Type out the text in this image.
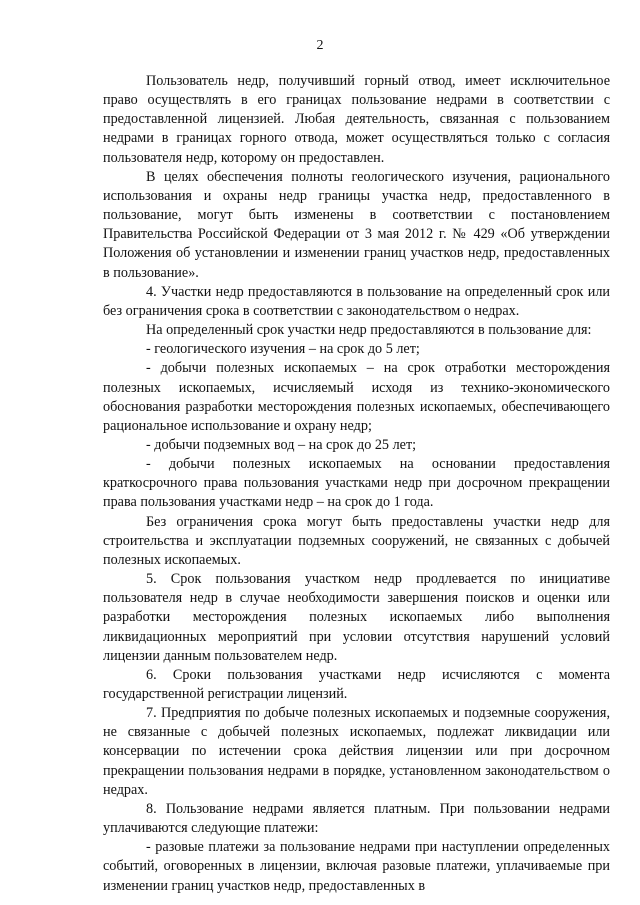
2

Пользователь недр, получивший горный отвод, имеет исключительное право осуществлять в его границах пользование недрами в соответствии с предоставленной лицензией. Любая деятельность, связанная с пользованием недрами в границах горного отвода, может осуществляться только с согласия пользователя недр, которому он предоставлен.

В целях обеспечения полноты геологического изучения, рационального использования и охраны недр границы участка недр, предоставленного в пользование, могут быть изменены в соответствии с постановлением Правительства Российской Федерации от 3 мая 2012 г. № 429 «Об утверждении Положения об установлении и изменении границ участков недр, предоставленных в пользование».

4. Участки недр предоставляются в пользование на определенный срок или без ограничения срока в соответствии с законодательством о недрах.

На определенный срок участки недр предоставляются в пользование для:

- геологического изучения – на срок до 5 лет;

- добычи полезных ископаемых – на срок отработки месторождения полезных ископаемых, исчисляемый исходя из технико-экономического обоснования разработки месторождения полезных ископаемых, обеспечивающего рациональное использование и охрану недр;

- добычи подземных вод – на срок до 25 лет;

- добычи полезных ископаемых на основании предоставления краткосрочного права пользования участками недр при досрочном прекращении права пользования участками недр – на срок до 1 года.

Без ограничения срока могут быть предоставлены участки недр для строительства и эксплуатации подземных сооружений, не связанных с добычей полезных ископаемых.

5. Срок пользования участком недр продлевается по инициативе пользователя недр в случае необходимости завершения поисков и оценки или разработки месторождения полезных ископаемых либо выполнения ликвидационных мероприятий при условии отсутствия нарушений условий лицензии данным пользователем недр.

6. Сроки пользования участками недр исчисляются с момента государственной регистрации лицензий.

7. Предприятия по добыче полезных ископаемых и подземные сооружения, не связанные с добычей полезных ископаемых, подлежат ликвидации или консервации по истечении срока действия лицензии или при досрочном прекращении пользования недрами в порядке, установленном законодательством о недрах.

8. Пользование недрами является платным. При пользовании недрами уплачиваются следующие платежи:

- разовые платежи за пользование недрами при наступлении определенных событий, оговоренных в лицензии, включая разовые платежи, уплачиваемые при изменении границ участков недр, предоставленных в
